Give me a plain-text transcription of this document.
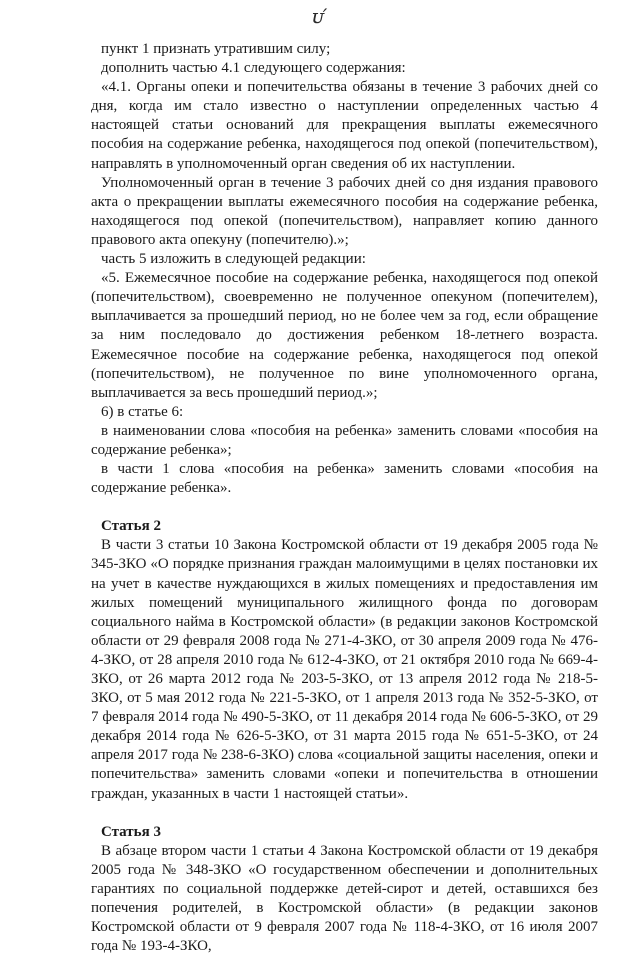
ᴜ′

пункт 1 признать утратившим силу;

дополнить частью 4.1 следующего содержания:

«4.1. Органы опеки и попечительства обязаны в течение 3 рабочих дней со дня, когда им стало известно о наступлении определенных частью 4 настоящей статьи оснований для прекращения выплаты ежемесячного пособия на содержание ребенка, находящегося под опекой (попечительством), направлять в уполномоченный орган сведения об их наступлении.

Уполномоченный орган в течение 3 рабочих дней со дня издания правового акта о прекращении выплаты ежемесячного пособия на содержание ребенка, находящегося под опекой (попечительством), направляет копию данного правового акта опекуну (попечителю).»;

часть 5 изложить в следующей редакции:

«5. Ежемесячное пособие на содержание ребенка, находящегося под опекой (попечительством), своевременно не полученное опекуном (попечителем), выплачивается за прошедший период, но не более чем за год, если обращение за ним последовало до достижения ребенком 18-летнего возраста. Ежемесячное пособие на содержание ребенка, находящегося под опекой (попечительством), не полученное по вине уполномоченного органа, выплачивается за весь прошедший период.»;

6) в статье 6:

в наименовании слова «пособия на ребенка» заменить словами «пособия на содержание ребенка»;

в части 1 слова «пособия на ребенка» заменить словами «пособия на содержание ребенка».

Статья 2

В части 3 статьи 10 Закона Костромской области от 19 декабря 2005 года № 345-ЗКО «О порядке признания граждан малоимущими в целях постановки их на учет в качестве нуждающихся в жилых помещениях и предоставления им жилых помещений муниципального жилищного фонда по договорам социального найма в Костромской области» (в редакции законов Костромской области от 29 февраля 2008 года № 271-4-ЗКО, от 30 апреля 2009 года № 476-4-ЗКО, от 28 апреля 2010 года № 612-4-ЗКО, от 21 октября 2010 года № 669-4-ЗКО, от 26 марта 2012 года № 203-5-ЗКО, от 13 апреля 2012 года № 218-5-ЗКО, от 5 мая 2012 года № 221-5-ЗКО, от 1 апреля 2013 года № 352-5-ЗКО, от 7 февраля 2014 года № 490-5-ЗКО, от 11 декабря 2014 года № 606-5-ЗКО, от 29 декабря 2014 года № 626-5-ЗКО, от 31 марта 2015 года № 651-5-ЗКО, от 24 апреля 2017 года № 238-6-ЗКО) слова «социальной защиты населения, опеки и попечительства» заменить словами «опеки и попечительства в отношении граждан, указанных в части 1 настоящей статьи».

Статья 3

В абзаце втором части 1 статьи 4 Закона Костромской области от 19 декабря 2005 года № 348-ЗКО «О государственном обеспечении и дополнительных гарантиях по социальной поддержке детей-сирот и детей, оставшихся без попечения родителей, в Костромской области» (в редакции законов Костромской области от 9 февраля 2007 года № 118-4-ЗКО, от 16 июля 2007 года № 193-4-ЗКО,
